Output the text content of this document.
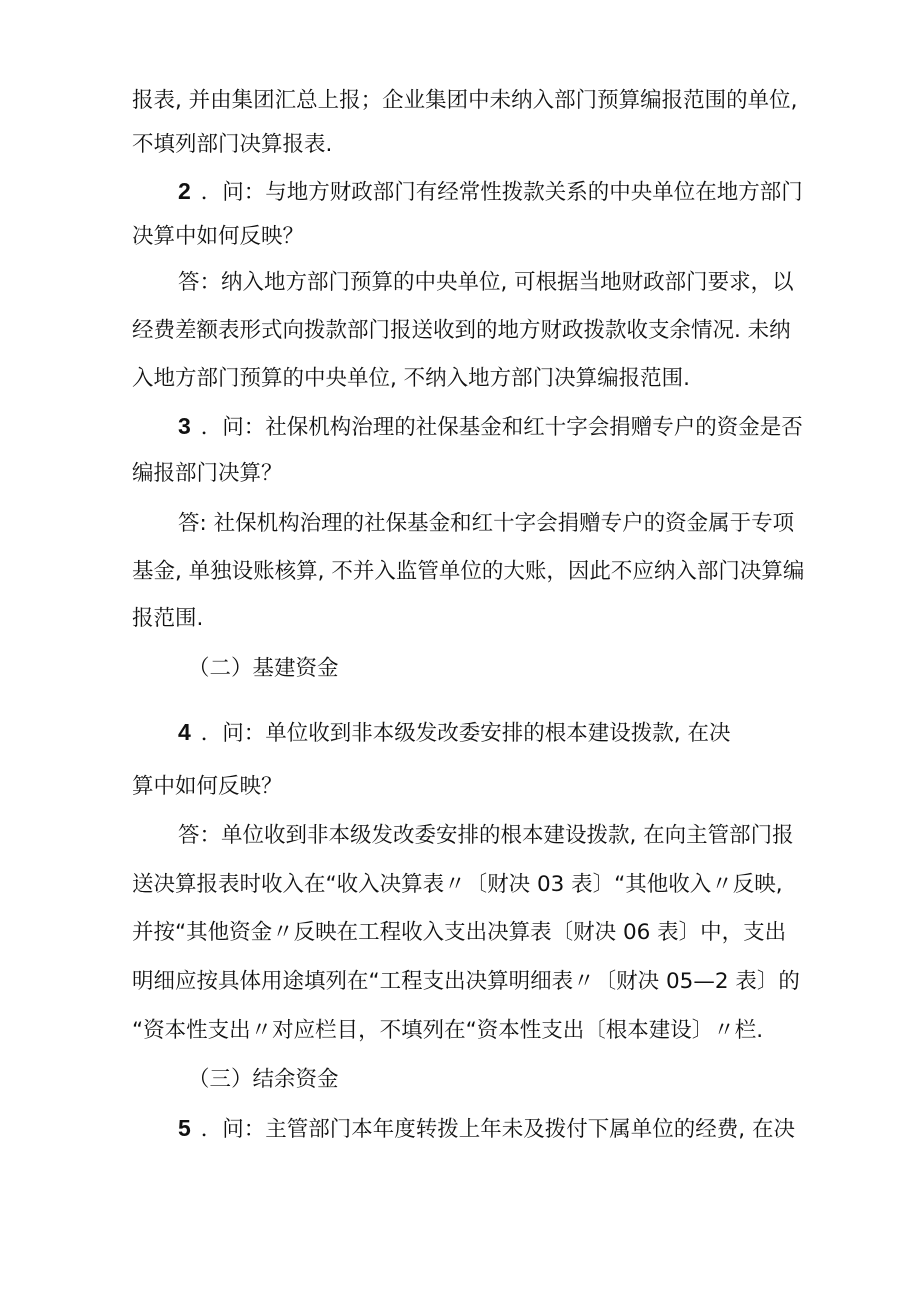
报表, 并由集团汇总上报；企业集团中未纳入部门预算编报范围的单位,
不填列部门决算报表.
2 ．问：与地方财政部门有经常性拨款关系的中央单位在地方部门
决算中如何反映？
答：纳入地方部门预算的中央单位, 可根据当地财政部门要求，以
经费差额表形式向拨款部门报送收到的地方财政拨款收支余情况. 未纳
入地方部门预算的中央单位, 不纳入地方部门决算编报范围.
3 ．问：社保机构治理的社保基金和红十字会捐赠专户的资金是否
编报部门决算？
答: 社保机构治理的社保基金和红十字会捐赠专户的资金属于专项
基金, 单独设账核算, 不并入监管单位的大账，因此不应纳入部门决算编
报范围.
（二）基建资金
4 ．问：单位收到非本级发改委安排的根本建设拨款, 在决
算中如何反映？
答：单位收到非本级发改委安排的根本建设拨款, 在向主管部门报
送决算报表时收入在“收入决算表〃〔财决 03 表〕“其他收入〃反映,
并按“其他资金〃反映在工程收入支出决算表〔财决 06 表〕中，支出
明细应按具体用途填列在“工程支出决算明细表〃〔财决 05—2 表〕的
“资本性支出〃对应栏目，不填列在“资本性支出〔根本建设〕〃栏.
（三）结余资金
5 ．问：主管部门本年度转拨上年未及拨付下属单位的经费, 在决
